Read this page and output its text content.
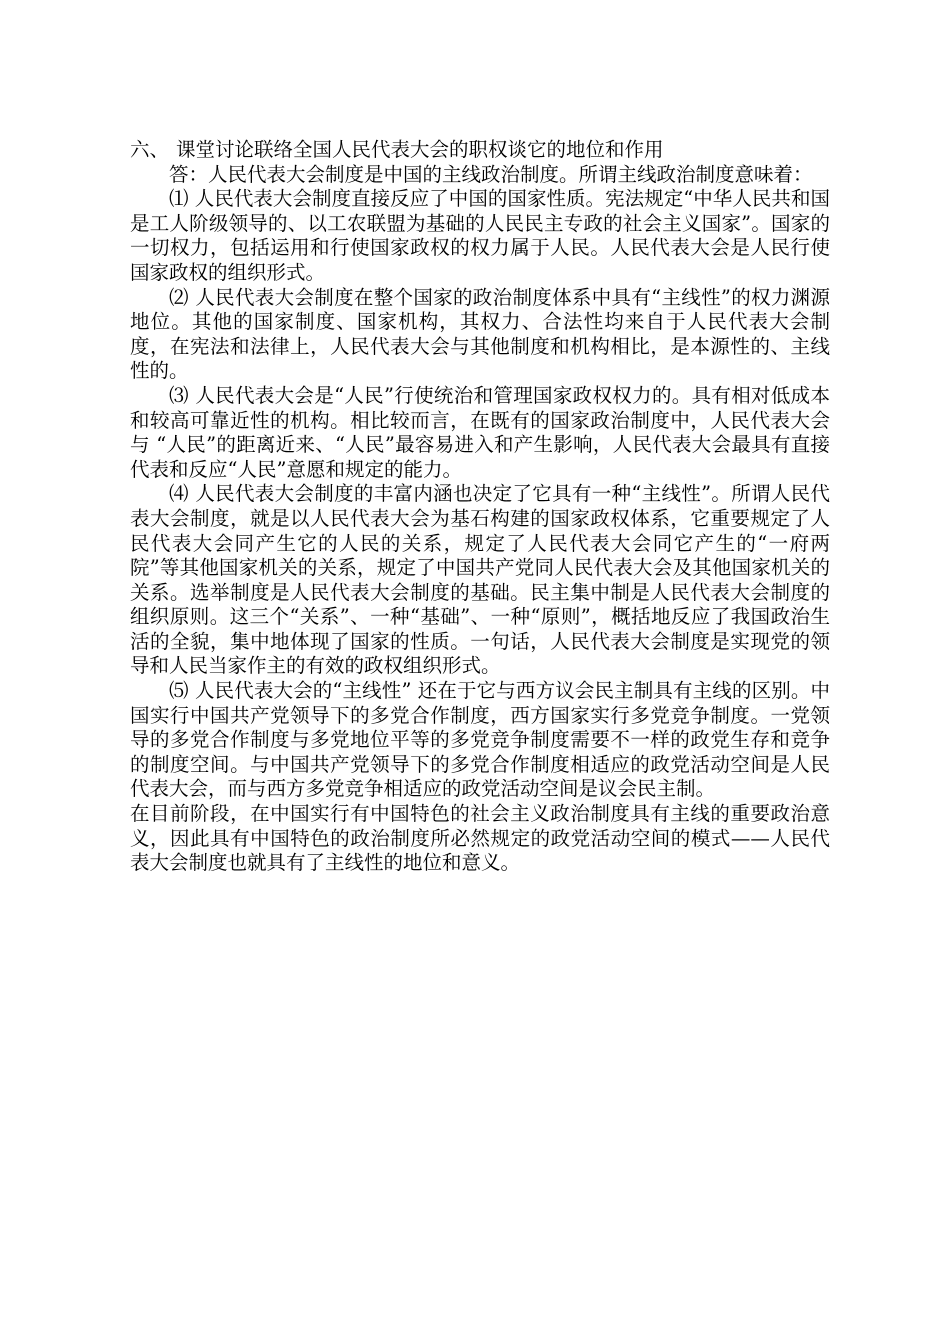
六、 课堂讨论联络全国人民代表大会的职权谈它的地位和作用

答：人民代表大会制度是中国的主线政治制度。所谓主线政治制度意味着：

⑴ 人民代表大会制度直接反应了中国的国家性质。宪法规定“中华人民共和国是工人阶级领导的、以工农联盟为基础的人民民主专政的社会主义国家”。国家的一切权力，包括运用和行使国家政权的权力属于人民。人民代表大会是人民行使国家政权的组织形式。

⑵ 人民代表大会制度在整个国家的政治制度体系中具有“主线性”的权力渊源地位。其他的国家制度、国家机构，其权力、合法性均来自于人民代表大会制度，在宪法和法律上，人民代表大会与其他制度和机构相比，是本源性的、主线性的。

⑶ 人民代表大会是“人民”行使统治和管理国家政权权力的。具有相对低成本和较高可靠近性的机构。相比较而言，在既有的国家政治制度中，人民代表大会与 “人民”的距离近来、“人民”最容易进入和产生影响，人民代表大会最具有直接代表和反应“人民”意愿和规定的能力。

⑷ 人民代表大会制度的丰富内涵也决定了它具有一种“主线性”。所谓人民代表大会制度，就是以人民代表大会为基石构建的国家政权体系，它重要规定了人民代表大会同产生它的人民的关系，规定了人民代表大会同它产生的“一府两院”等其他国家机关的关系，规定了中国共产党同人民代表大会及其他国家机关的关系。选举制度是人民代表大会制度的基础。民主集中制是人民代表大会制度的组织原则。这三个“关系”、一种“基础”、一种“原则”，概括地反应了我国政治生活的全貌，集中地体现了国家的性质。一句话，人民代表大会制度是实现党的领导和人民当家作主的有效的政权组织形式。

⑸ 人民代表大会的“主线性” 还在于它与西方议会民主制具有主线的区别。中国实行中国共产党领导下的多党合作制度，西方国家实行多党竞争制度。一党领导的多党合作制度与多党地位平等的多党竞争制度需要不一样的政党生存和竞争的制度空间。与中国共产党领导下的多党合作制度相适应的政党活动空间是人民代表大会，而与西方多党竞争相适应的政党活动空间是议会民主制。

在目前阶段，在中国实行有中国特色的社会主义政治制度具有主线的重要政治意义，因此具有中国特色的政治制度所必然规定的政党活动空间的模式——人民代表大会制度也就具有了主线性的地位和意义。
